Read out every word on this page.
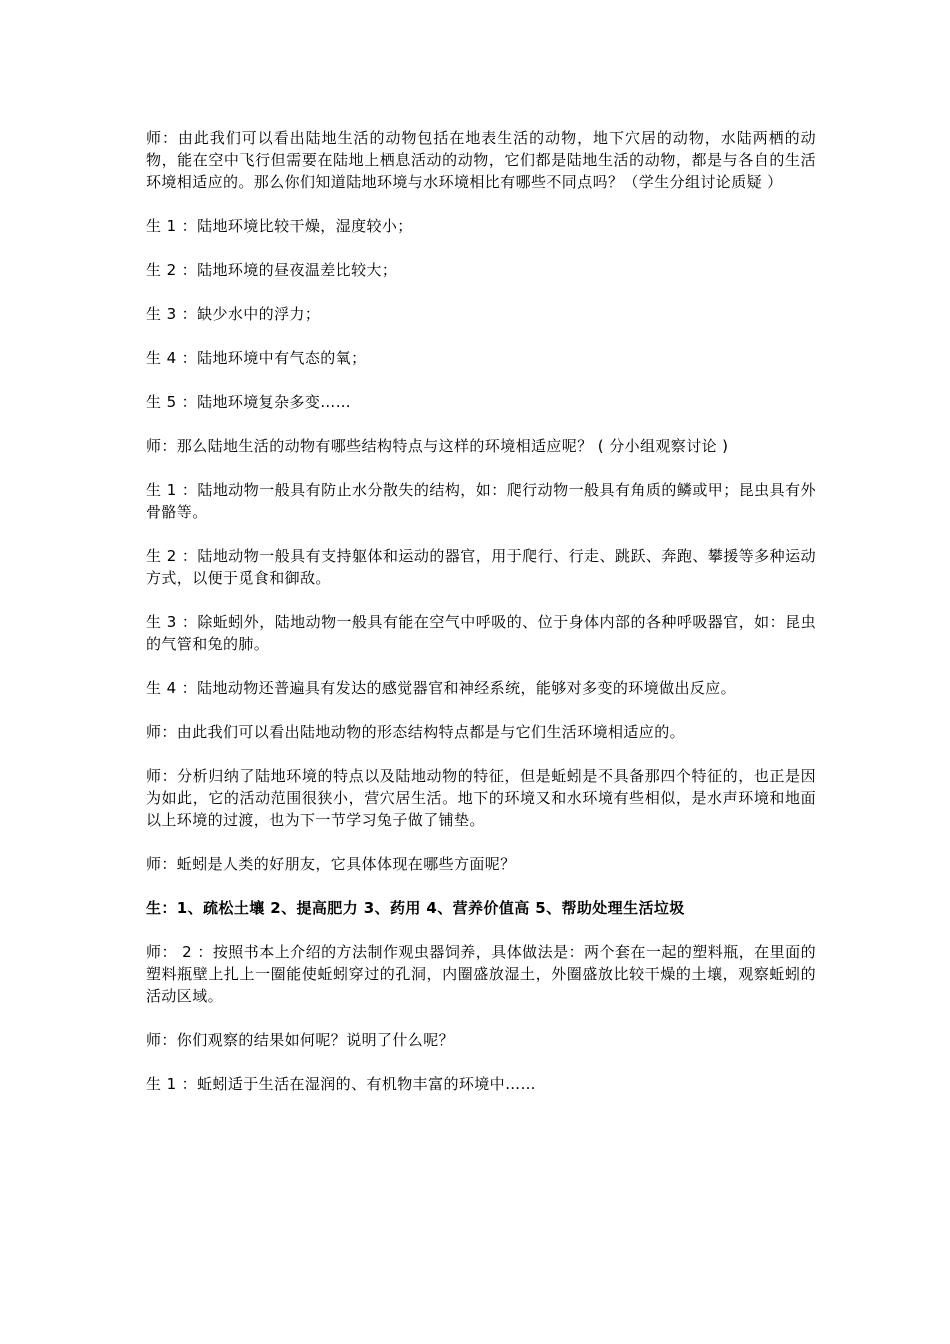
师：由此我们可以看出陆地生活的动物包括在地表生活的动物，地下穴居的动物，水陆两栖的动物，能在空中飞行但需要在陆地上栖息活动的动物，它们都是陆地生活的动物，都是与各自的生活环境相适应的。那么你们知道陆地环境与水环境相比有哪些不同点吗？（学生分组讨论质疑 ）

生 1 ：陆地环境比较干燥，湿度较小；

生 2 ：陆地环境的昼夜温差比较大；

生 3 ：缺少水中的浮力；

生 4 ：陆地环境中有气态的氧；

生 5 ：陆地环境复杂多变……

师：那么陆地生活的动物有哪些结构特点与这样的环境相适应呢？ ( 分小组观察讨论 )

生 1 ：陆地动物一般具有防止水分散失的结构，如：爬行动物一般具有角质的鳞或甲；昆虫具有外骨骼等。

生 2 ：陆地动物一般具有支持躯体和运动的器官，用于爬行、行走、跳跃、奔跑、攀援等多种运动方式，以便于觅食和御敌。

生 3 ：除蚯蚓外，陆地动物一般具有能在空气中呼吸的、位于身体内部的各种呼吸器官，如：昆虫的气管和兔的肺。

生 4 ：陆地动物还普遍具有发达的感觉器官和神经系统，能够对多变的环境做出反应。

师：由此我们可以看出陆地动物的形态结构特点都是与它们生活环境相适应的。

师：分析归纳了陆地环境的特点以及陆地动物的特征，但是蚯蚓是不具备那四个特征的，也正是因为如此，它的活动范围很狭小，营穴居生活。地下的环境又和水环境有些相似，是水声环境和地面以上环境的过渡，也为下一节学习兔子做了铺垫。

师：蚯蚓是人类的好朋友，它具体体现在哪些方面呢？

生：1、疏松土壤 2、提高肥力 3、药用 4、营养价值高 5、帮助处理生活垃圾

师： 2 ：按照书本上介绍的方法制作观虫器饲养，具体做法是：两个套在一起的塑料瓶，在里面的塑料瓶壁上扎上一圈能使蚯蚓穿过的孔洞，内圈盛放湿土，外圈盛放比较干燥的土壤，观察蚯蚓的活动区域。

师：你们观察的结果如何呢？说明了什么呢？

生 1 ：蚯蚓适于生活在湿润的、有机物丰富的环境中……
